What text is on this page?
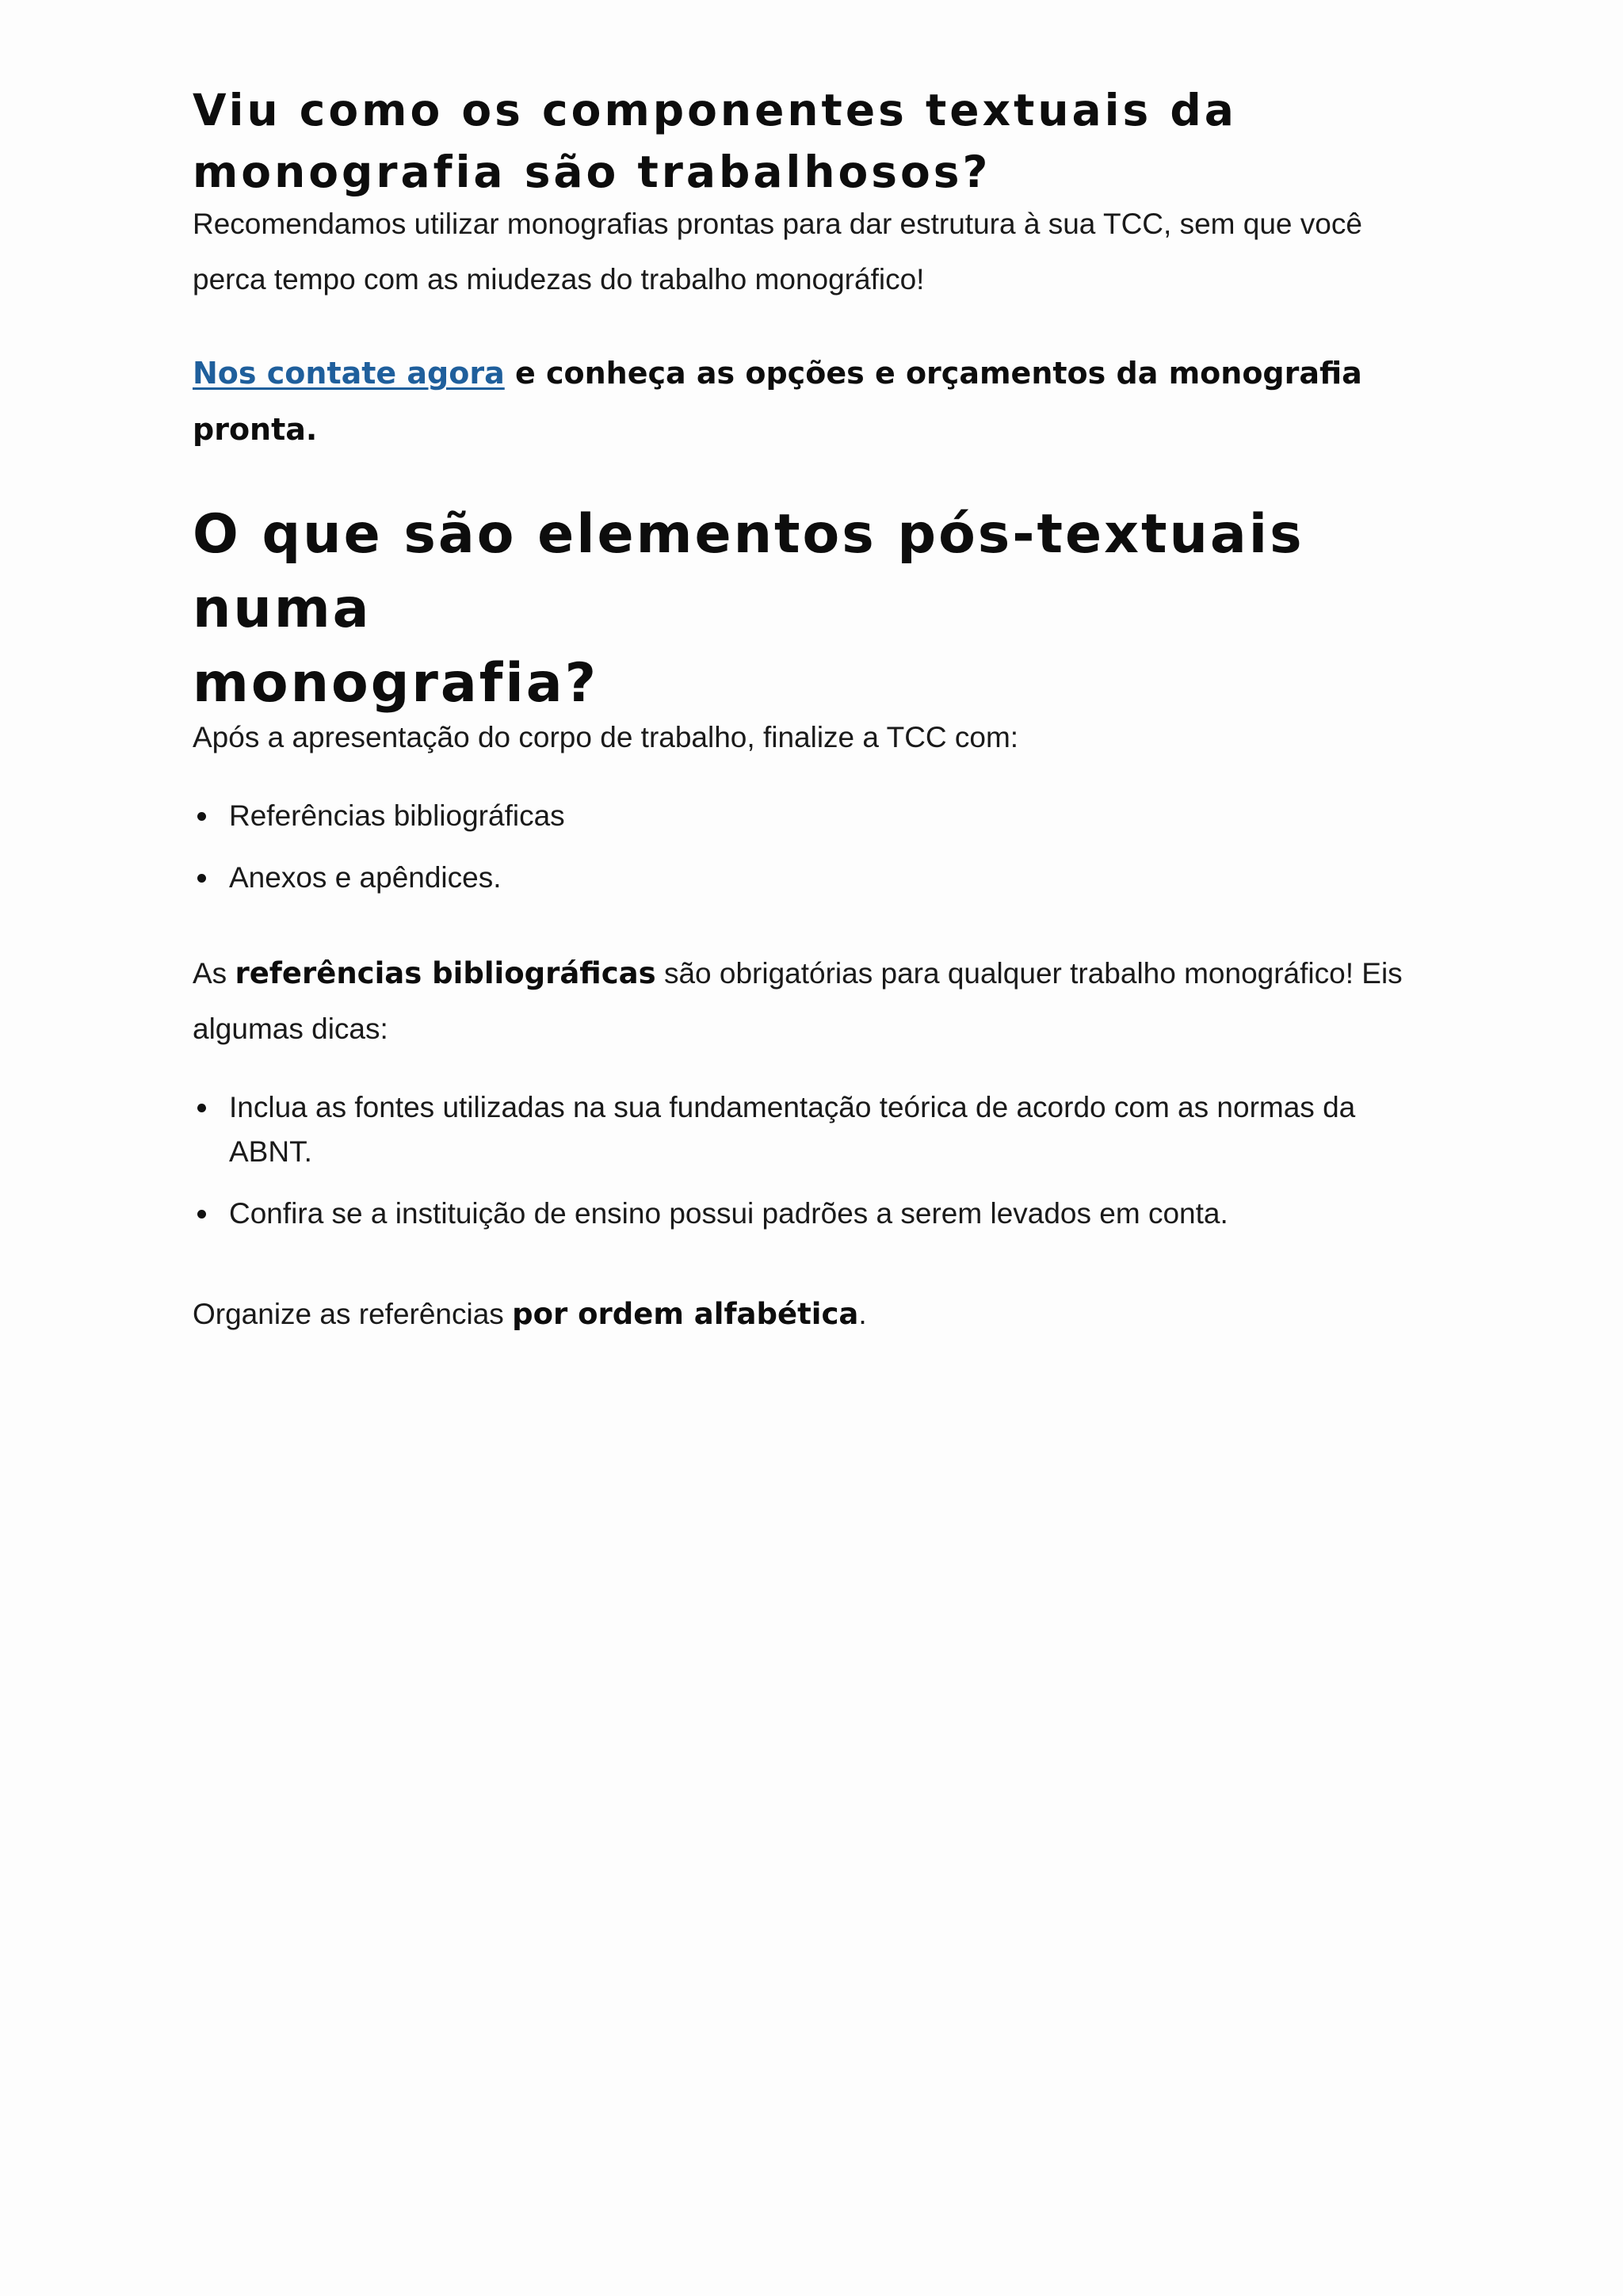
Viu como os componentes textuais da
monografia são trabalhosos?

Recomendamos utilizar monografias prontas para dar estrutura à sua TCC, sem que você perca tempo com as miudezas do trabalho monográfico!

Nos contate agora e conheça as opções e orçamentos da monografia pronta.

O que são elementos pós-textuais numa
monografia?

Após a apresentação do corpo de trabalho, finalize a TCC com:

Referências bibliográficas
Anexos e apêndices.

As referências bibliográficas são obrigatórias para qualquer trabalho monográfico! Eis algumas dicas:

Inclua as fontes utilizadas na sua fundamentação teórica de acordo com as normas da ABNT.
Confira se a instituição de ensino possui padrões a serem levados em conta.

Organize as referências por ordem alfabética.
